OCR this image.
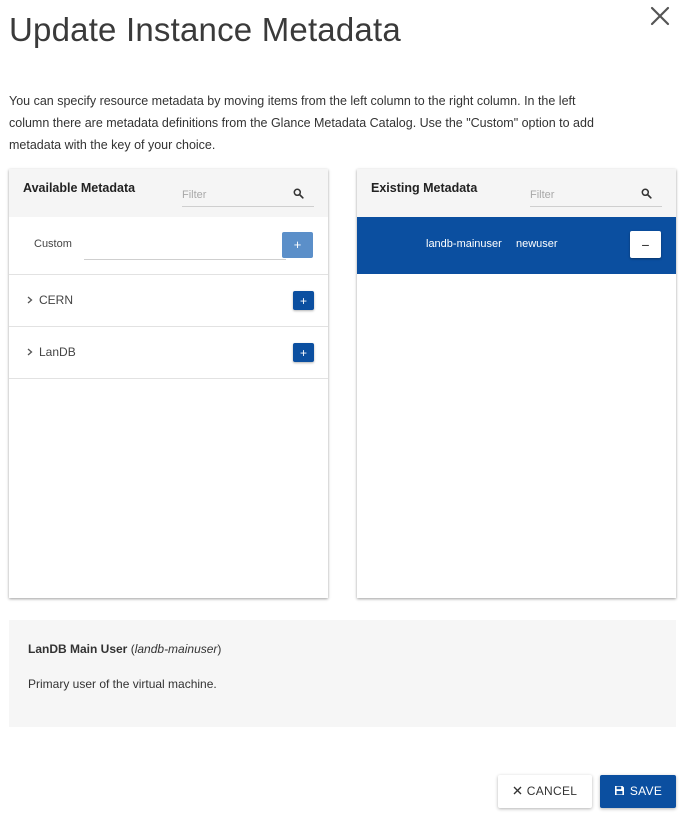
Update Instance Metadata

You can specify resource metadata by moving items from the left column to the right column. In the left column there are metadata definitions from the Glance Metadata Catalog. Use the "Custom" option to add metadata with the key of your choice.

Available Metadata
Filter
Custom	+
CERN	+
LanDB	+
Existing Metadata
Filter
landb-mainuser newuser	−
LanDB Main User (landb-mainuser)
Primary user of the virtual machine.
CANCEL	SAVE
